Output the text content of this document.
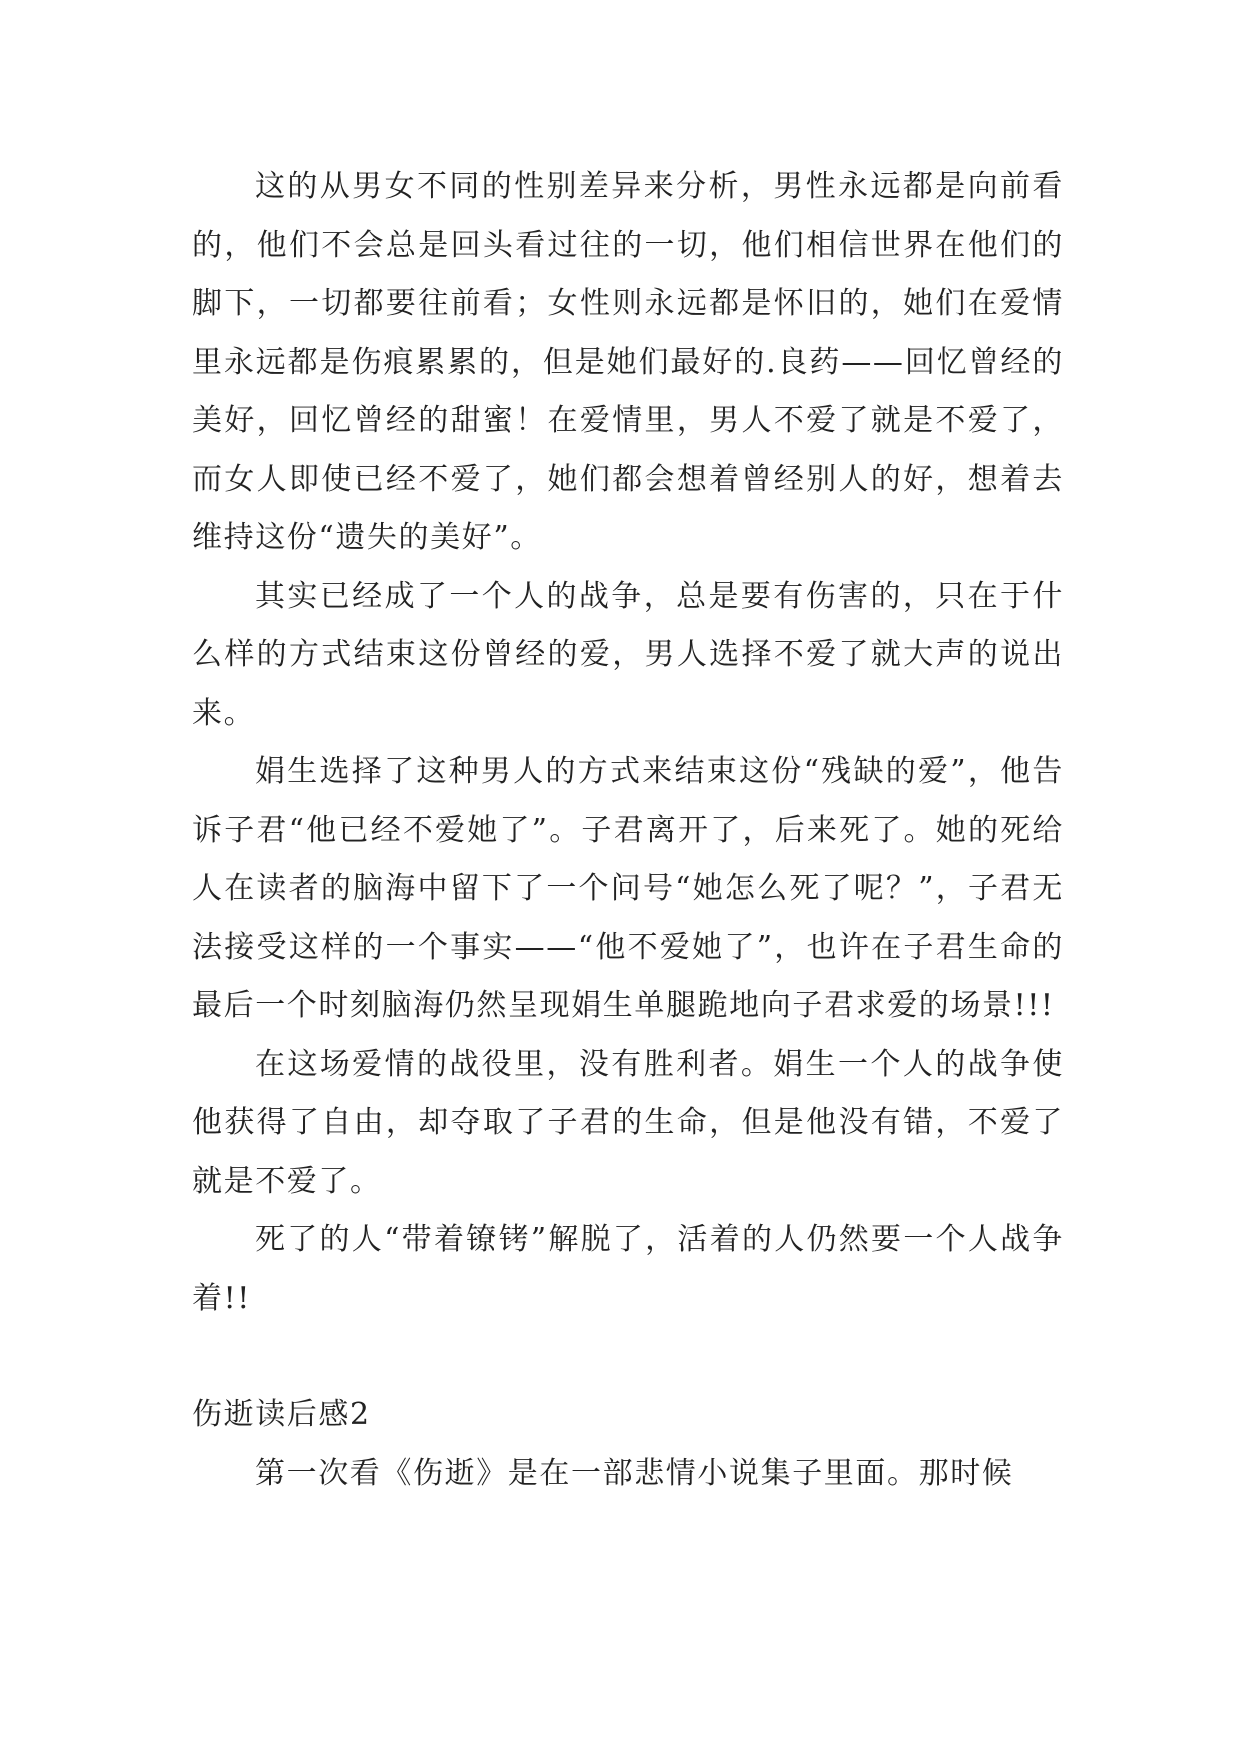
这的从男女不同的性别差异来分析，男性永远都是向前看的，他们不会总是回头看过往的一切，他们相信世界在他们的脚下，一切都要往前看；女性则永远都是怀旧的，她们在爱情里永远都是伤痕累累的，但是她们最好的.良药——回忆曾经的美好，回忆曾经的甜蜜！在爱情里，男人不爱了就是不爱了，而女人即使已经不爱了，她们都会想着曾经别人的好，想着去维持这份“遗失的美好”。

其实已经成了一个人的战争，总是要有伤害的，只在于什么样的方式结束这份曾经的爱，男人选择不爱了就大声的说出来。

娟生选择了这种男人的方式来结束这份“残缺的爱”，他告诉子君“他已经不爱她了”。子君离开了，后来死了。她的死给人在读者的脑海中留下了一个问号“她怎么死了呢？”，子君无法接受这样的一个事实——“他不爱她了”，也许在子君生命的最后一个时刻脑海仍然呈现娟生单腿跪地向子君求爱的场景!!!

在这场爱情的战役里，没有胜利者。娟生一个人的战争使他获得了自由，却夺取了子君的生命，但是他没有错，不爱了就是不爱了。

死了的人“带着镣铐”解脱了，活着的人仍然要一个人战争着!!

伤逝读后感2

第一次看《伤逝》是在一部悲情小说集子里面。那时候
